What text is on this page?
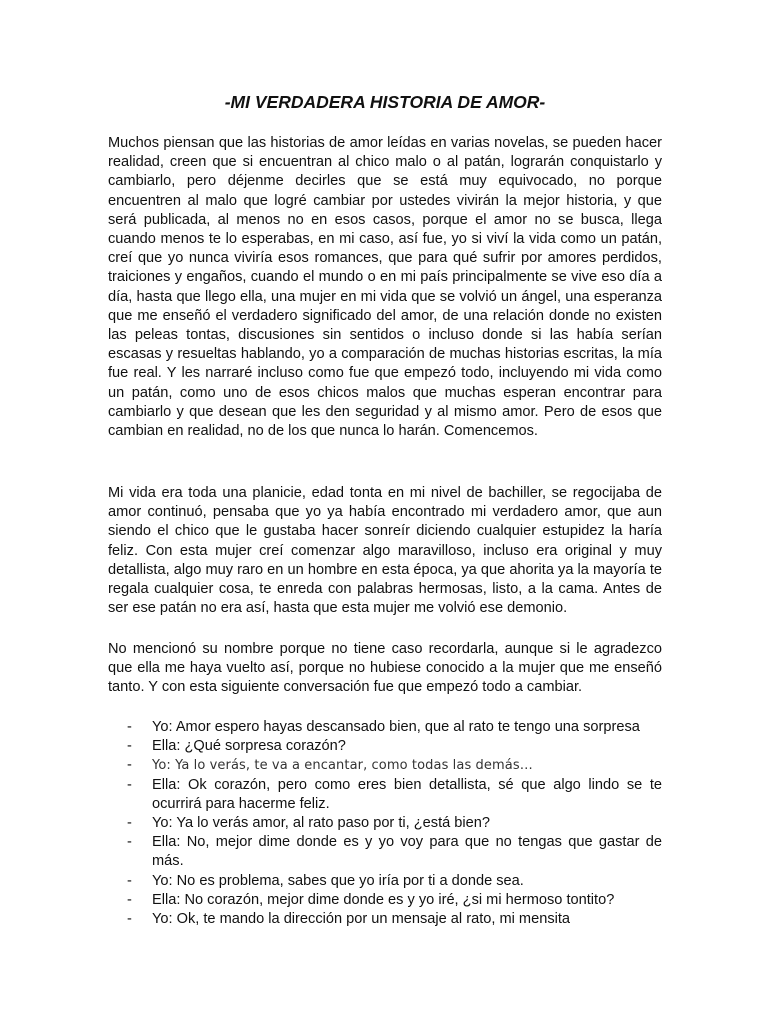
-MI VERDADERA HISTORIA DE AMOR-

Muchos piensan que las historias de amor leídas en varias novelas, se pueden hacer realidad, creen que si encuentran al chico malo o al patán, lograrán conquistarlo y cambiarlo, pero déjenme decirles que se está muy equivocado, no porque encuentren al malo que logré cambiar por ustedes vivirán la mejor historia, y que será publicada, al menos no en esos casos, porque el amor no se busca, llega cuando menos te lo esperabas, en mi caso, así fue, yo si viví la vida como un patán, creí que yo nunca viviría esos romances, que para qué sufrir por amores perdidos, traiciones y engaños, cuando el mundo o en mi país principalmente se vive eso día a día, hasta que llego ella, una mujer en mi vida que se volvió un ángel, una esperanza que me enseñó el verdadero significado del amor, de una relación donde no existen las peleas tontas, discusiones sin sentidos o incluso donde si las había serían escasas y resueltas hablando, yo a comparación de muchas historias escritas, la mía fue real. Y les narraré incluso como fue que empezó todo, incluyendo mi vida como un patán, como uno de esos chicos malos que muchas esperan encontrar para cambiarlo y que desean que les den seguridad y al mismo amor. Pero de esos que cambian en realidad, no de los que nunca lo harán. Comencemos.

Mi vida era toda una planicie, edad tonta en mi nivel de bachiller, se regocijaba de amor continuó, pensaba que yo ya había encontrado mi verdadero amor, que aun siendo el chico que le gustaba hacer sonreír diciendo cualquier estupidez la haría feliz. Con esta mujer creí comenzar algo maravilloso, incluso era original y muy detallista, algo muy raro en un hombre en esta época, ya que ahorita ya la mayoría te regala cualquier cosa, te enreda con palabras hermosas, listo, a la cama. Antes de ser ese patán no era así, hasta que esta mujer me volvió ese demonio.

No mencionó su nombre porque no tiene caso recordarla, aunque si le agradezco que ella me haya vuelto así, porque no hubiese conocido a la mujer que me enseñó tanto. Y con esta siguiente conversación fue que empezó todo a cambiar.

- Yo: Amor espero hayas descansado bien, que al rato te tengo una sorpresa
- Ella: ¿Qué sorpresa corazón?
- Yo: Ya lo verás, te va a encantar, como todas las demás…
- Ella: Ok corazón, pero como eres bien detallista, sé que algo lindo se te ocurrirá para hacerme feliz.
- Yo: Ya lo verás amor, al rato paso por ti, ¿está bien?
- Ella: No, mejor dime donde es y yo voy para que no tengas que gastar de más.
- Yo: No es problema, sabes que yo iría por ti a donde sea.
- Ella: No corazón, mejor dime donde es y yo iré, ¿si mi hermoso tontito?
- Yo: Ok, te mando la dirección por un mensaje al rato, mi mensita
